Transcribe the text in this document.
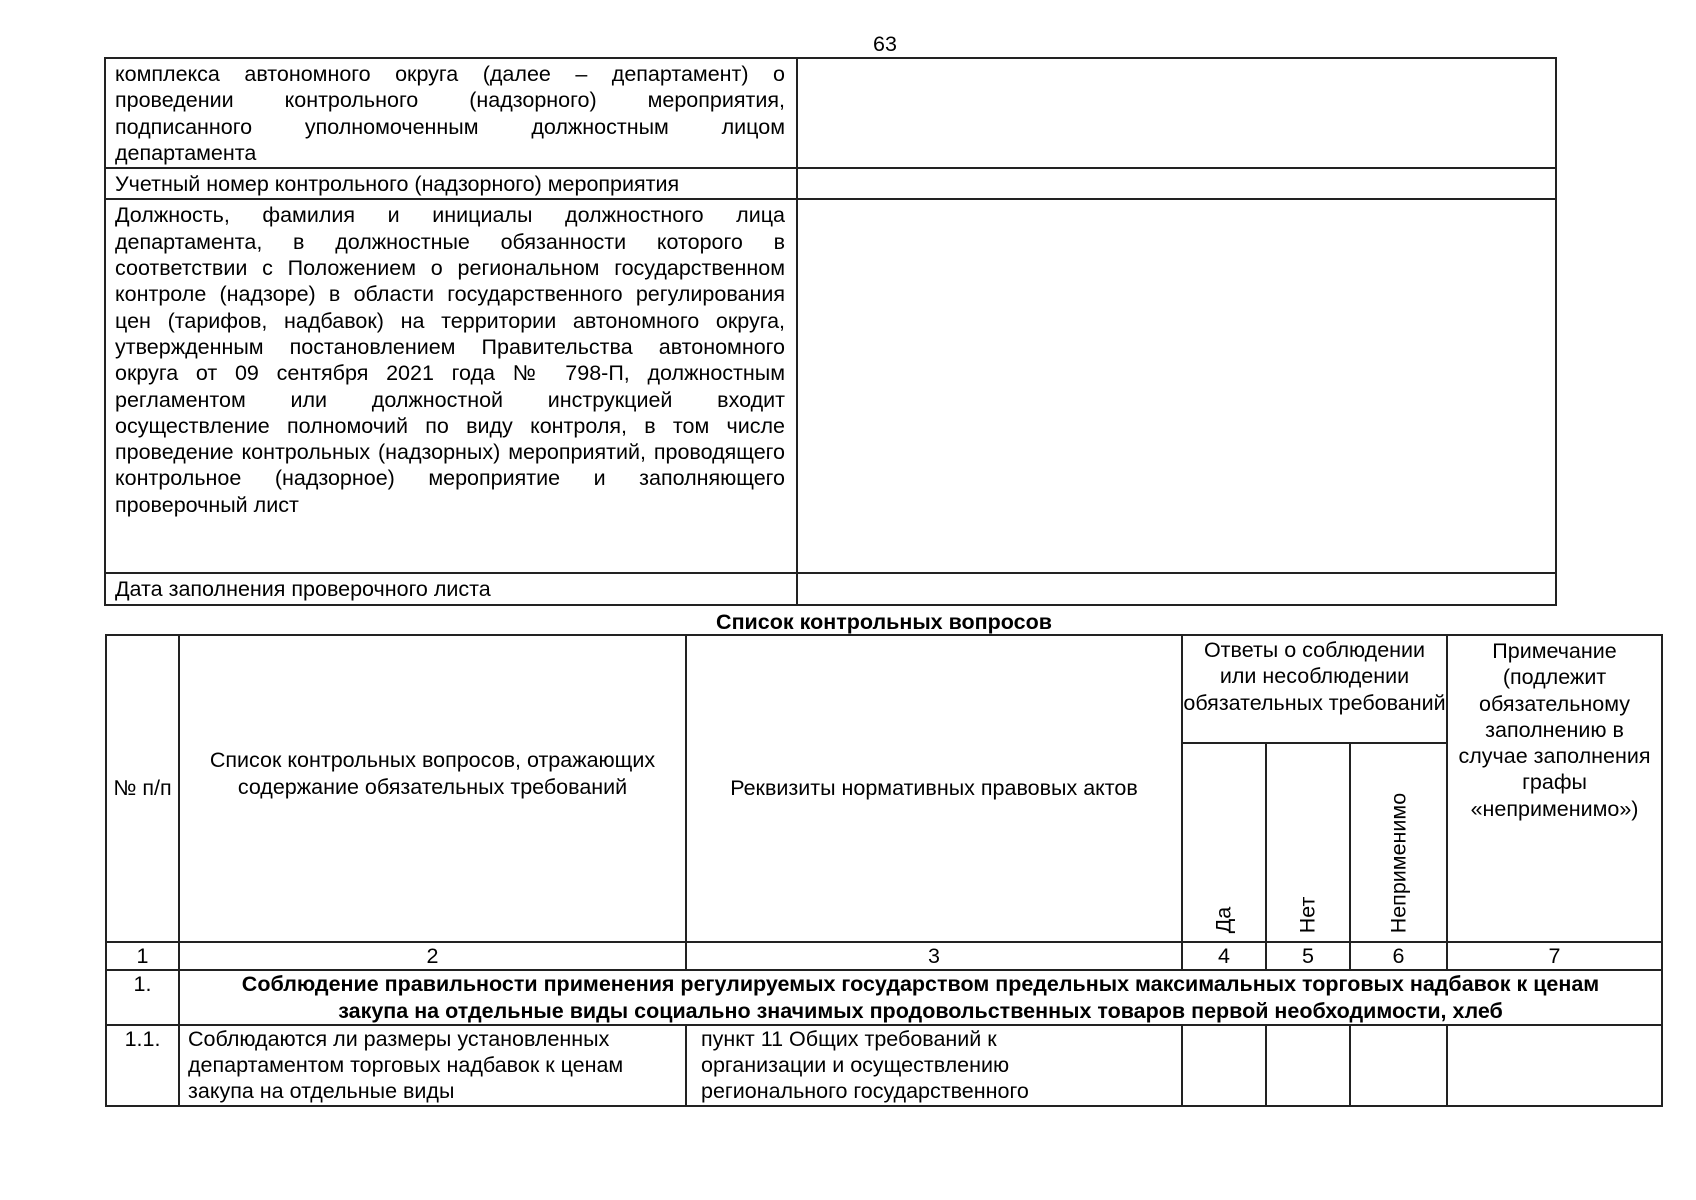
63
комплекса автономного округа (далее – департамент) о проведении контрольного (надзорного) мероприятия, подписанного уполномоченным должностным лицом департамента	
Учетный номер контрольного (надзорного) мероприятия	
Должность, фамилия и инициалы должностного лица департамента, в должностные обязанности которого в соответствии с Положением о региональном государственном контроле (надзоре) в области государственного регулирования цен (тарифов, надбавок) на территории автономного округа, утвержденным постановлением Правительства автономного округа от 09 сентября 2021 года № 798-П, должностным регламентом или должностной инструкцией входит осуществление полномочий по виду контроля, в том числе проведение контрольных (надзорных) мероприятий, проводящего контрольное (надзорное) мероприятие и заполняющего проверочный лист	
Дата заполнения проверочного листа	
Список контрольных вопросов
№ п/п	Список контрольных вопросов, отражающих содержание обязательных требований	Реквизиты нормативных правовых актов	Ответы о соблюдении или несоблюдении обязательных требований			Примечание (подлежит обязательному заполнению в случае заполнения графы «неприменимо»)

			Да	Нет	Неприменимо	

1	2	3	4	5	6	7
1.	Соблюдение правильности применения регулируемых государством предельных максимальных торговых надбавок к ценам закупа на отдельные виды социально значимых продовольственных товаров первой необходимости, хлеб					
1.1.	Соблюдаются ли размеры установленных департаментом торговых надбавок к ценам закупа на отдельные виды	пункт 11 Общих требований к организации и осуществлению регионального государственного				
